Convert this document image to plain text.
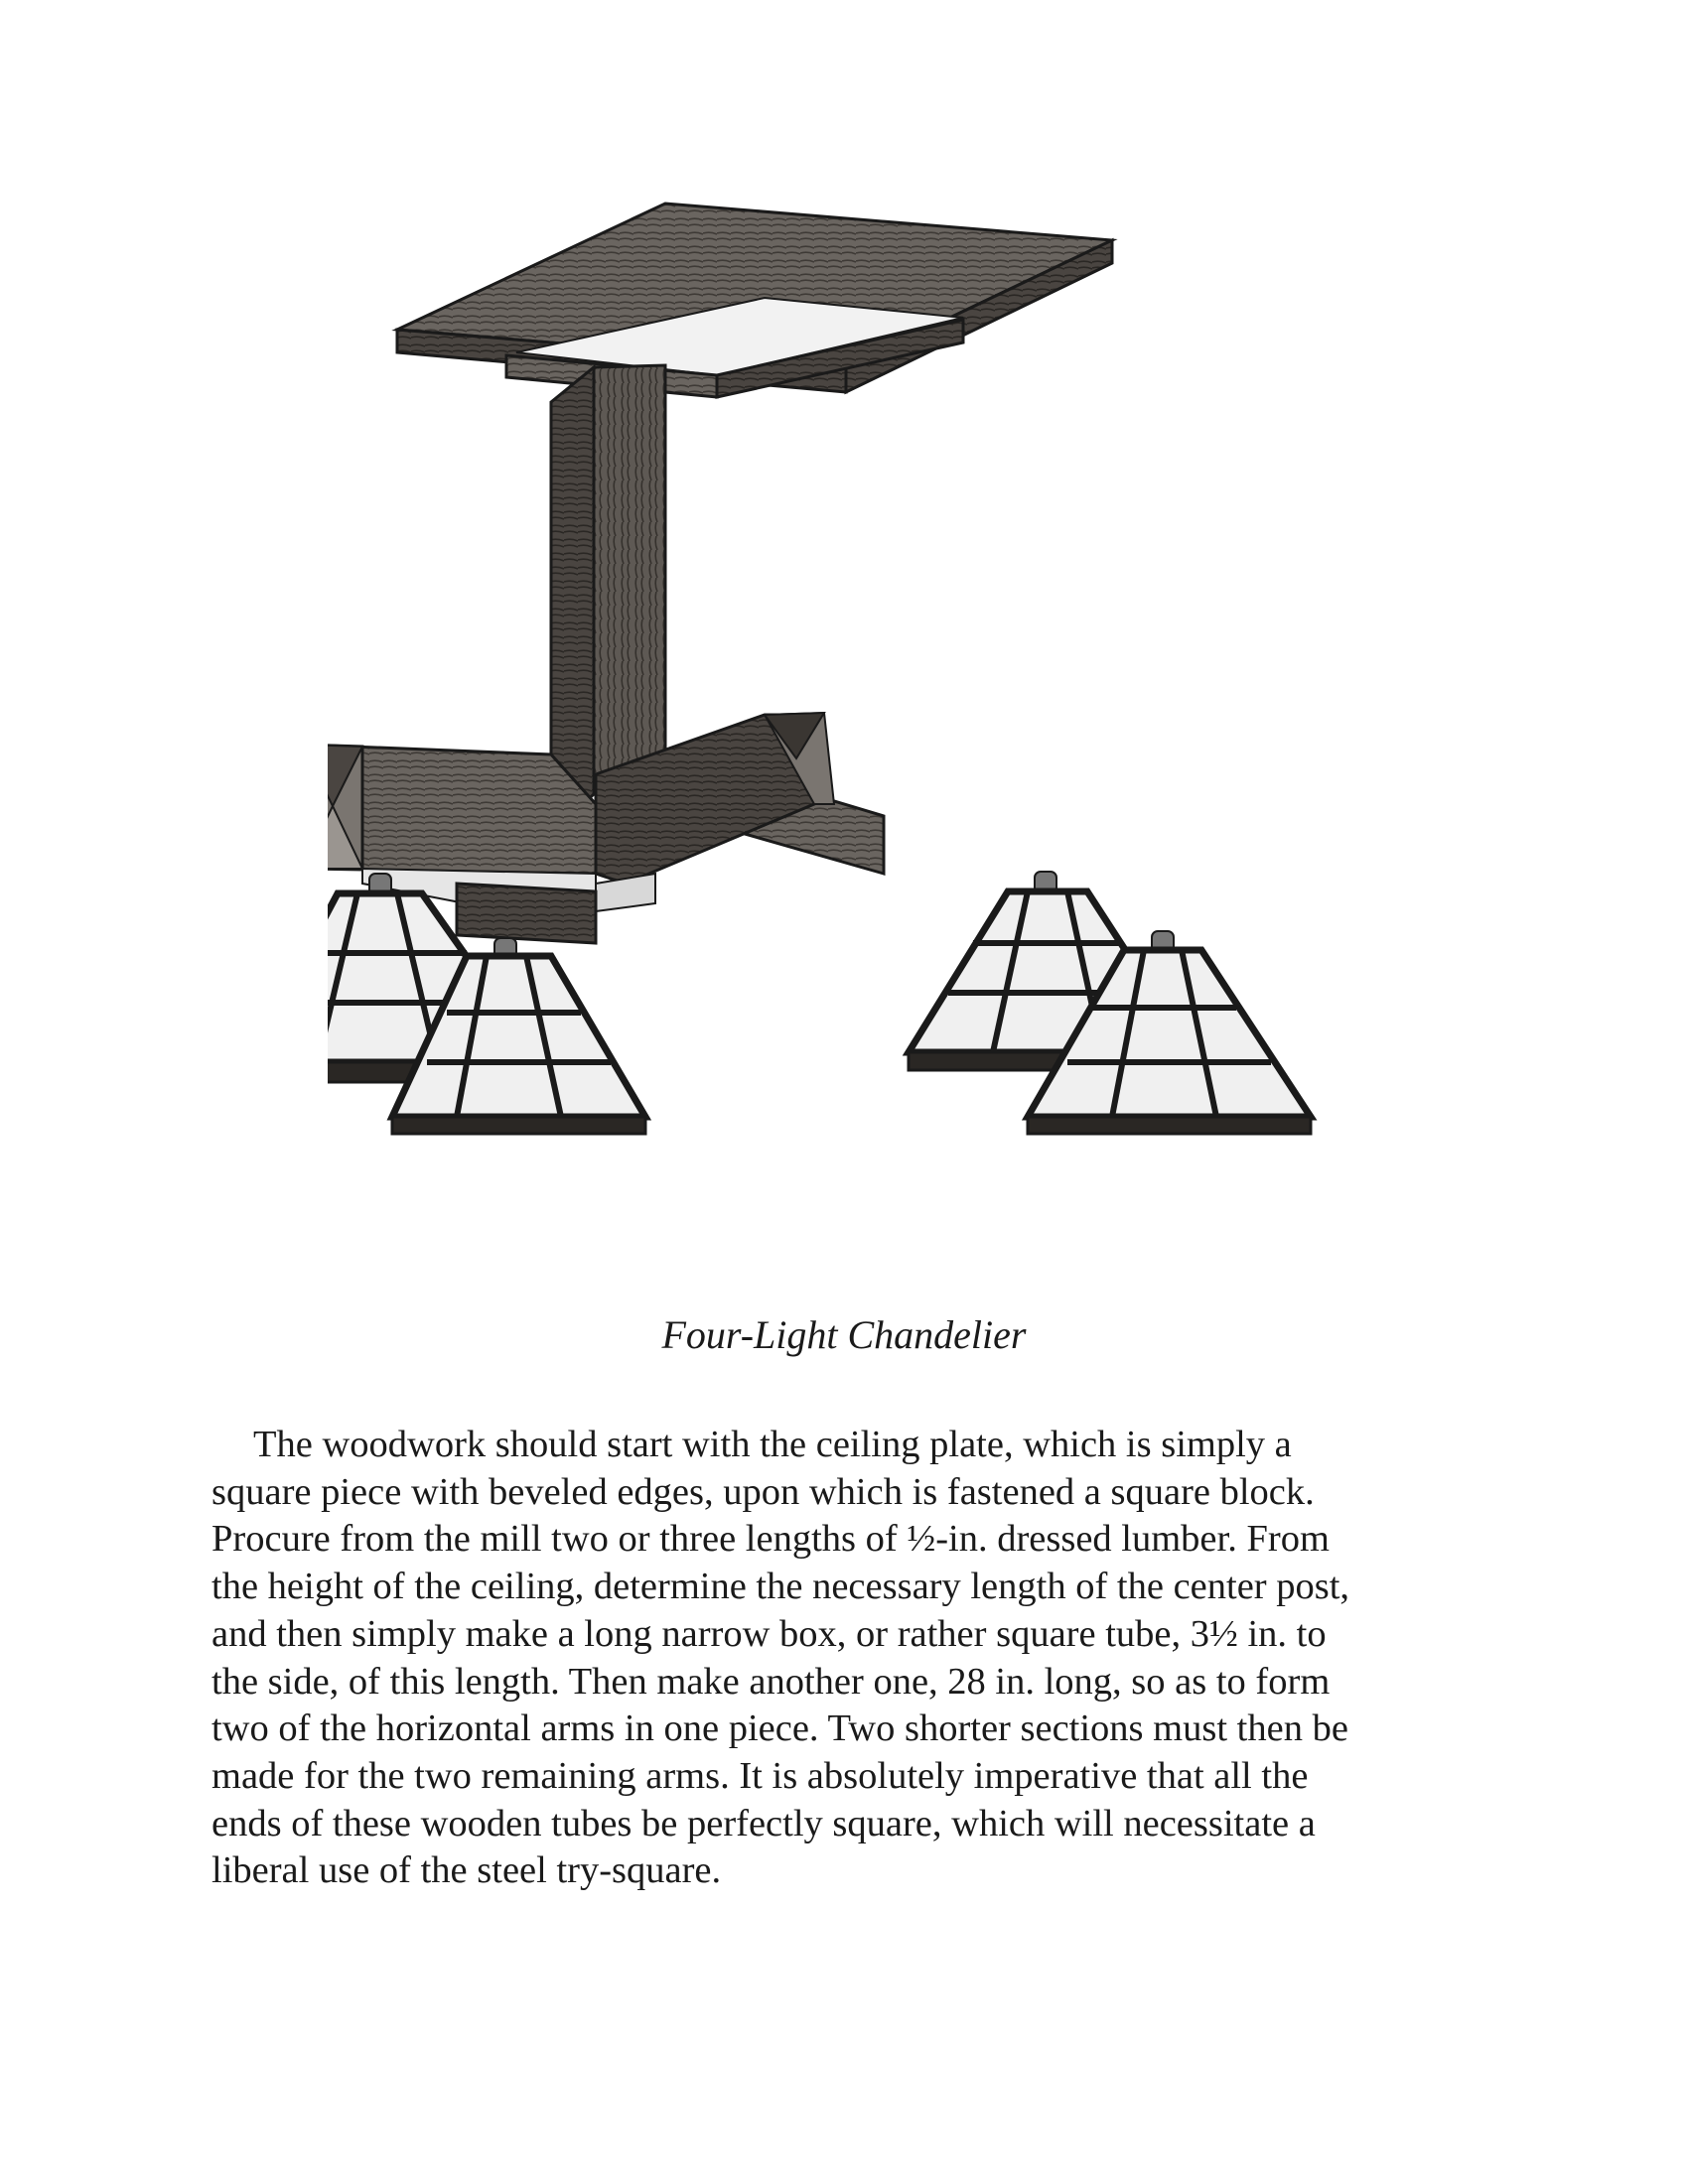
Four-Light Chandelier

The woodwork should start with the ceiling plate, which is simply a
square piece with beveled edges, upon which is fastened a square block.
Procure from the mill two or three lengths of ½-in. dressed lumber. From
the height of the ceiling, determine the necessary length of the center post,
and then simply make a long narrow box, or rather square tube, 3½ in. to
the side, of this length. Then make another one, 28 in. long, so as to form
two of the horizontal arms in one piece. Two shorter sections must then be
made for the two remaining arms. It is absolutely imperative that all the
ends of these wooden tubes be perfectly square, which will necessitate a
liberal use of the steel try-square.
